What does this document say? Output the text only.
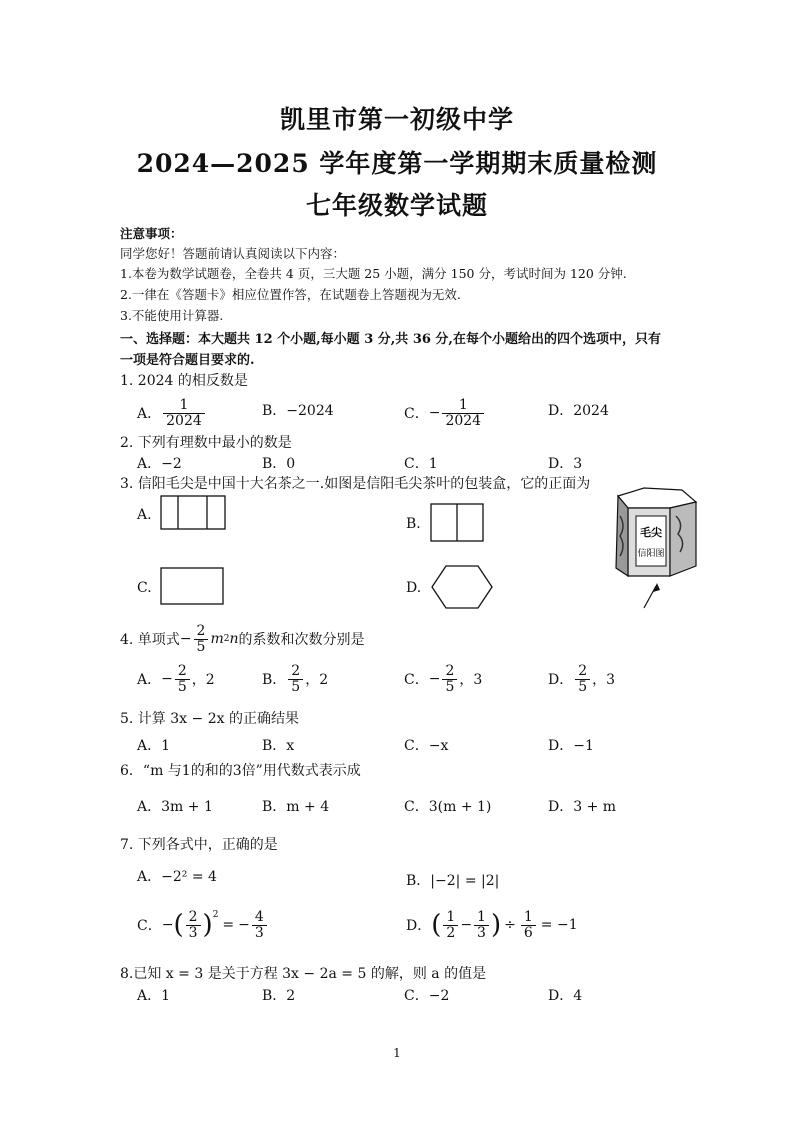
凯里市第一初级中学
2024—2025 学年度第一学期期末质量检测
七年级数学试题
注意事项：
同学您好！答题前请认真阅读以下内容：
1.本卷为数学试题卷，全卷共 4 页，三大题 25 小题，满分 150 分，考试时间为 120 分钟.
2.一律在《答题卡》相应位置作答，在试题卷上答题视为无效.
3.不能使用计算器.
一、选择题：本大题共 12 个小题,每小题 3 分,共 36 分,在每个小题给出的四个选项中，只有
一项是符合题目要求的.
1. 2024 的相反数是
A． $\frac{1}{2024}$	B．−2024	C． − $\frac{1}{2024}$	D．2024
2. 下列有理数中最小的数是
A．−2	B．0	C．1	D．3
3. 信阳毛尖是中国十大名茶之一.如图是信阳毛尖茶叶的包装盒，它的正面为
A.
B.
C.	D.
毛尖
信阳图
4. 单项式 − $\frac{2}{5}$ m 2 n 的系数和次数分别是
A． − $\frac{2}{5}$ ，2	B． $\frac{2}{5}$ ，2	C． − $\frac{2}{5}$ ，3	D． $\frac{2}{5}$ ，3
5. 计算 3x − 2x 的正确结果
A．1	B．x	C．−x	D．−1
6．“m 与1的和的3倍”用代数式表示成
A．3m + 1	B．m + 4	C．3(m + 1)	D．3 + m
7. 下列各式中，正确的是
A．−2² = 4	B．|−2| = |2|
C． − ( $\frac{2}{3} )^2$
= − $\frac{4}{3}$	D． ( $\frac{1}{2} - \frac{1}{3}$ ) ÷ $\frac{1}{6} = -1$
8.已知 x = 3 是关于方程 3x − 2a = 5 的解，则 a 的值是
A．1	B．2	C．−2	D．4
1
